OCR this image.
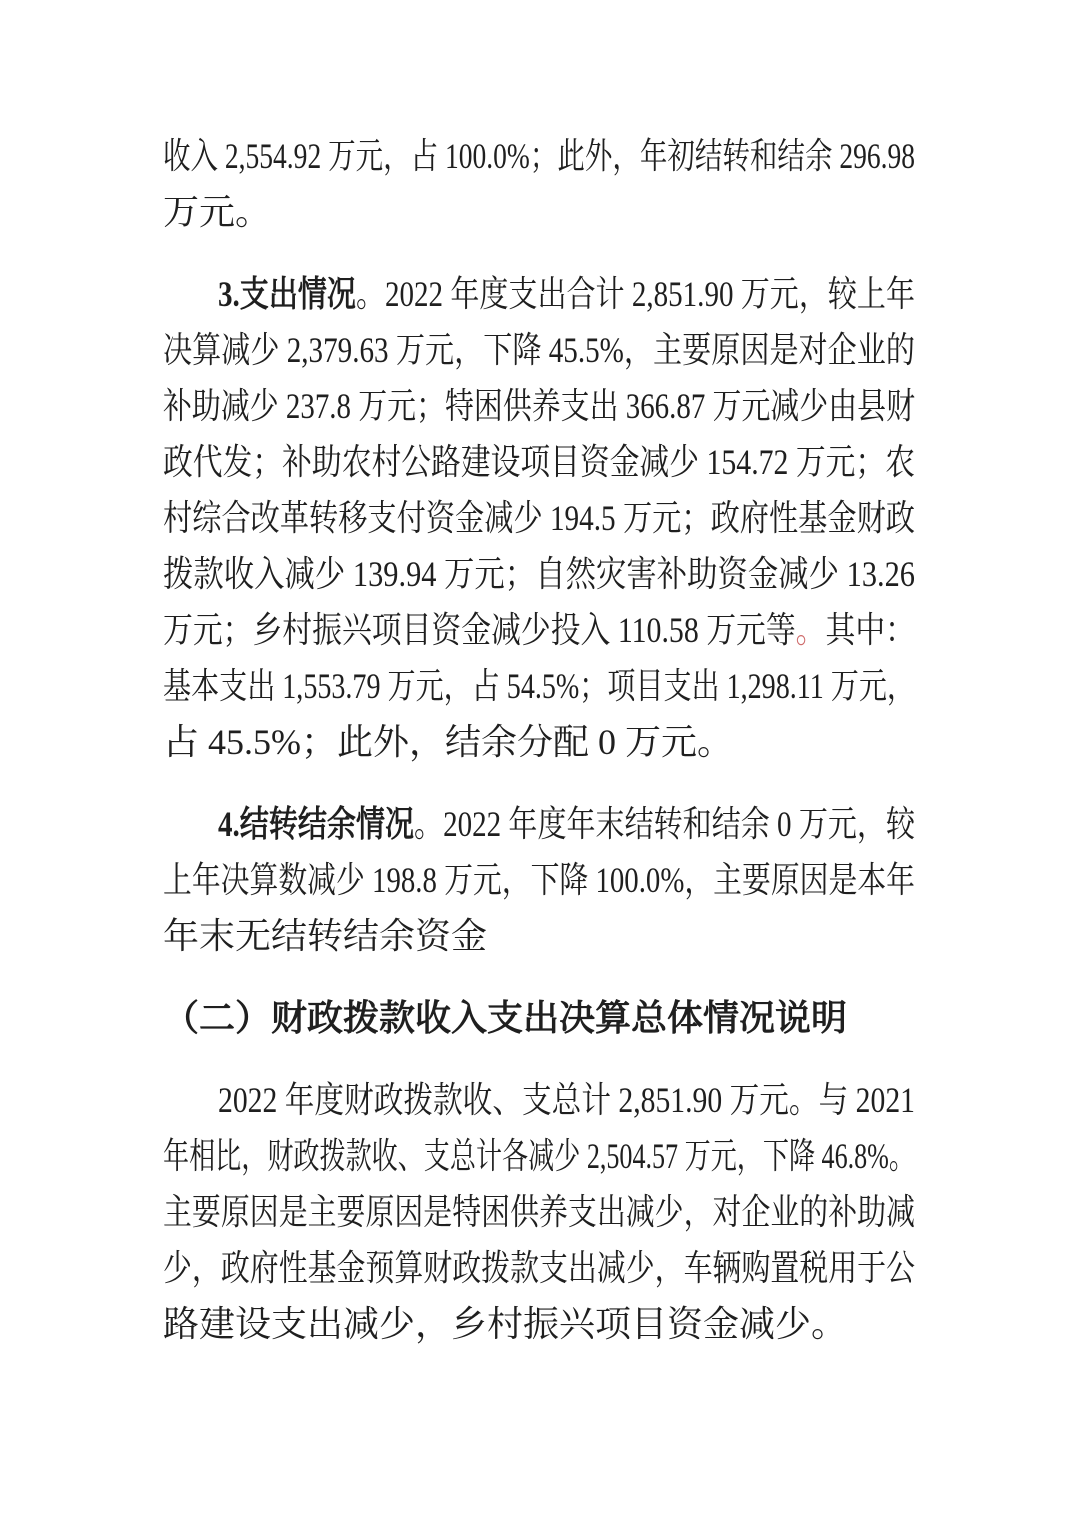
收入 2,554.92 万元，占 100.0%；此外，年初结转和结余 296.98
万元。
3.支出情况。2022 年度支出合计 2,851.90 万元，较上年
决算减少 2,379.63 万元，下降 45.5%，主要原因是对企业的
补助减少 237.8 万元；特困供养支出 366.87 万元减少由县财
政代发；补助农村公路建设项目资金减少 154.72 万元；农
村综合改革转移支付资金减少 194.5 万元；政府性基金财政
拨款收入减少 139.94 万元；自然灾害补助资金减少 13.26
万元；乡村振兴项目资金减少投入 110.58 万元等。其中：
基本支出 1,553.79 万元，占 54.5%；项目支出 1,298.11 万元，
占 45.5%；此外，结余分配 0 万元。
4.结转结余情况。2022 年度年末结转和结余 0 万元，较
上年决算数减少 198.8 万元，下降 100.0%，主要原因是本年
年末无结转结余资金
（二）财政拨款收入支出决算总体情况说明
2022 年度财政拨款收、支总计 2,851.90 万元。与 2021
年相比，财政拨款收、支总计各减少 2,504.57 万元，下降 46.8%。
主要原因是主要原因是特困供养支出减少，对企业的补助减
少，政府性基金预算财政拨款支出减少，车辆购置税用于公
路建设支出减少，乡村振兴项目资金减少。
